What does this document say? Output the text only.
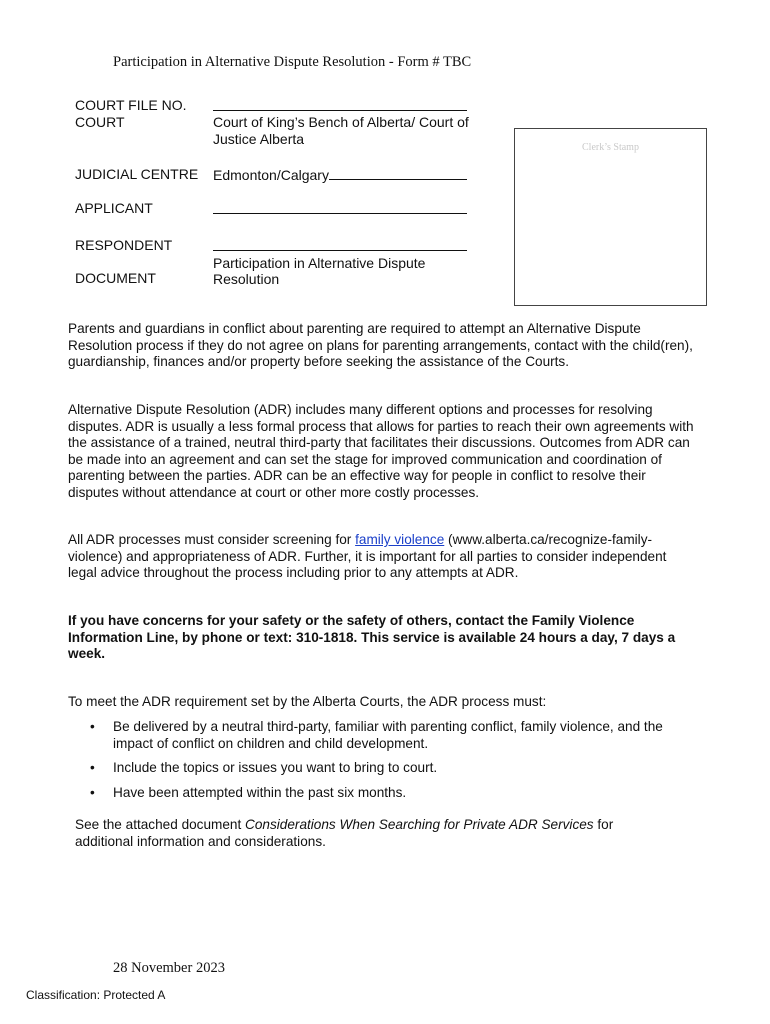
Participation in Alternative Dispute Resolution - Form # TBC
COURT FILE NO.
COURT
JUDICIAL CENTRE
APPLICANT
RESPONDENT
DOCUMENT
Court of King’s Bench of Alberta/ Court of
Justice Alberta
Edmonton/Calgary
Participation in Alternative Dispute
Resolution
Clerk’s Stamp
Parents and guardians in conflict about parenting are required to attempt an Alternative Dispute Resolution process if they do not agree on plans for parenting arrangements, contact with the child(ren), guardianship, finances and/or property before seeking the assistance of the Courts.
Alternative Dispute Resolution (ADR) includes many different options and processes for resolving disputes. ADR is usually a less formal process that allows for parties to reach their own agreements with the assistance of a trained, neutral third-party that facilitates their discussions. Outcomes from ADR can be made into an agreement and can set the stage for improved communication and coordination of parenting between the parties. ADR can be an effective way for people in conflict to resolve their disputes without attendance at court or other more costly processes.
All ADR processes must consider screening for family violence (www.alberta.ca/recognize-family-violence) and appropriateness of ADR. Further, it is important for all parties to consider independent legal advice throughout the process including prior to any attempts at ADR.
If you have concerns for your safety or the safety of others, contact the Family Violence Information Line, by phone or text: 310-1818. This service is available 24 hours a day, 7 days a week.
To meet the ADR requirement set by the Alberta Courts, the ADR process must:
• Be delivered by a neutral third-party, familiar with parenting conflict, family violence, and the impact of conflict on children and child development.
• Include the topics or issues you want to bring to court.
• Have been attempted within the past six months.
See the attached document Considerations When Searching for Private ADR Services for additional information and considerations.
28 November 2023
Classification: Protected A
